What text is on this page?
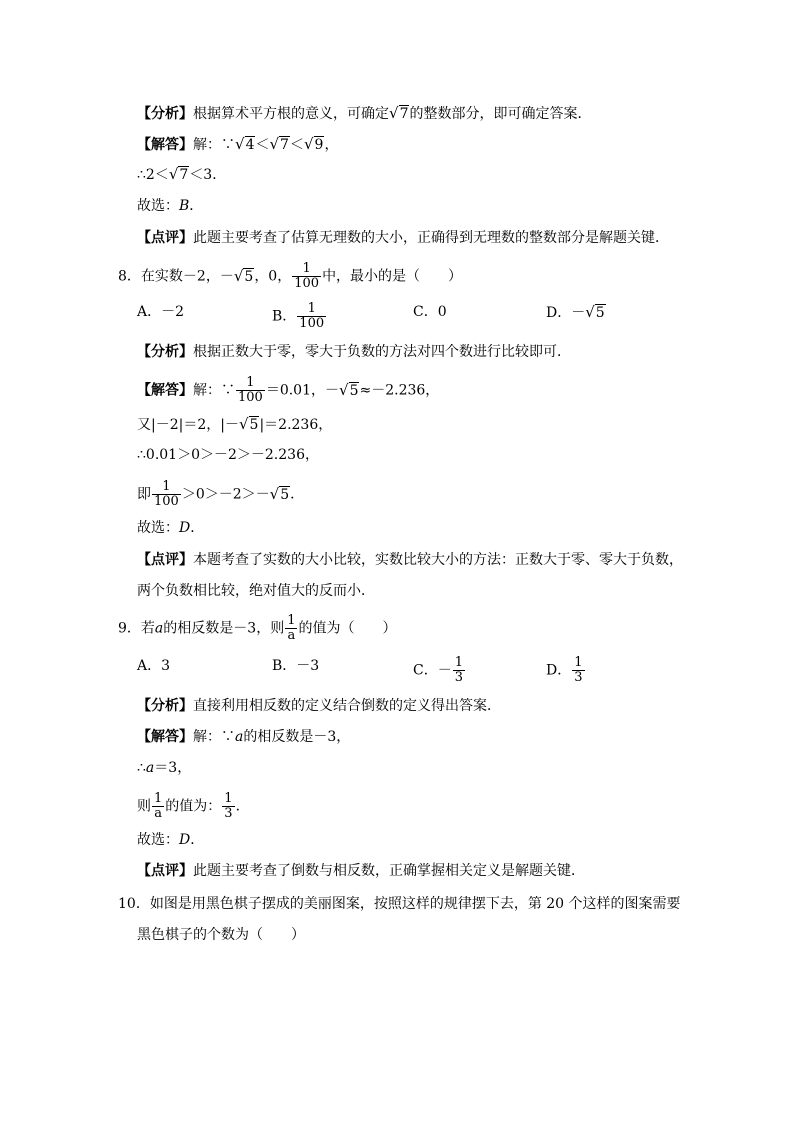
【分析】根据算术平方根的意义，可确定√7的整数部分，即可确定答案．
【解答】解：∵√4＜√7＜√9，
∴2＜√7＜3．
故选：B．
【点评】此题主要考查了估算无理数的大小，正确得到无理数的整数部分是解题关键．
8．在实数－2，－√5，0， $\frac{1}{100}$ 中，最小的是（　　）
A．－2	B． $\frac{1}{100}$	C．0	D．－√5
【分析】根据正数大于零，零大于负数的方法对四个数进行比较即可．
【解答】解：∵ $\frac{1}{100} =0.01$，－√5≈－2.236，
又|－2|＝2，|－√5|＝2.236，
∴0.01＞0＞－2＞－2.236，
即 $\frac{1}{100} >0>-2>-√5$．
故选：D．
【点评】本题考查了实数的大小比较，实数比较大小的方法：正数大于零、零大于负数，
两个负数相比较，绝对值大的反而小．
9．若a的相反数是－3，则 $\frac{1}{a}$ 的值为（　　）
A．3	B．－3	C．－ $\frac{1}{3}$	D． $\frac{1}{3}$
【分析】直接利用相反数的定义结合倒数的定义得出答案．
【解答】解：∵a的相反数是－3，
∴a＝3，
则 $\frac{1}{a}$ 的值为： $\frac{1}{3}$ ．
故选：D．
【点评】此题主要考查了倒数与相反数，正确掌握相关定义是解题关键．
10．如图是用黑色棋子摆成的美丽图案，按照这样的规律摆下去，第 20 个这样的图案需要
黑色棋子的个数为（　　）
